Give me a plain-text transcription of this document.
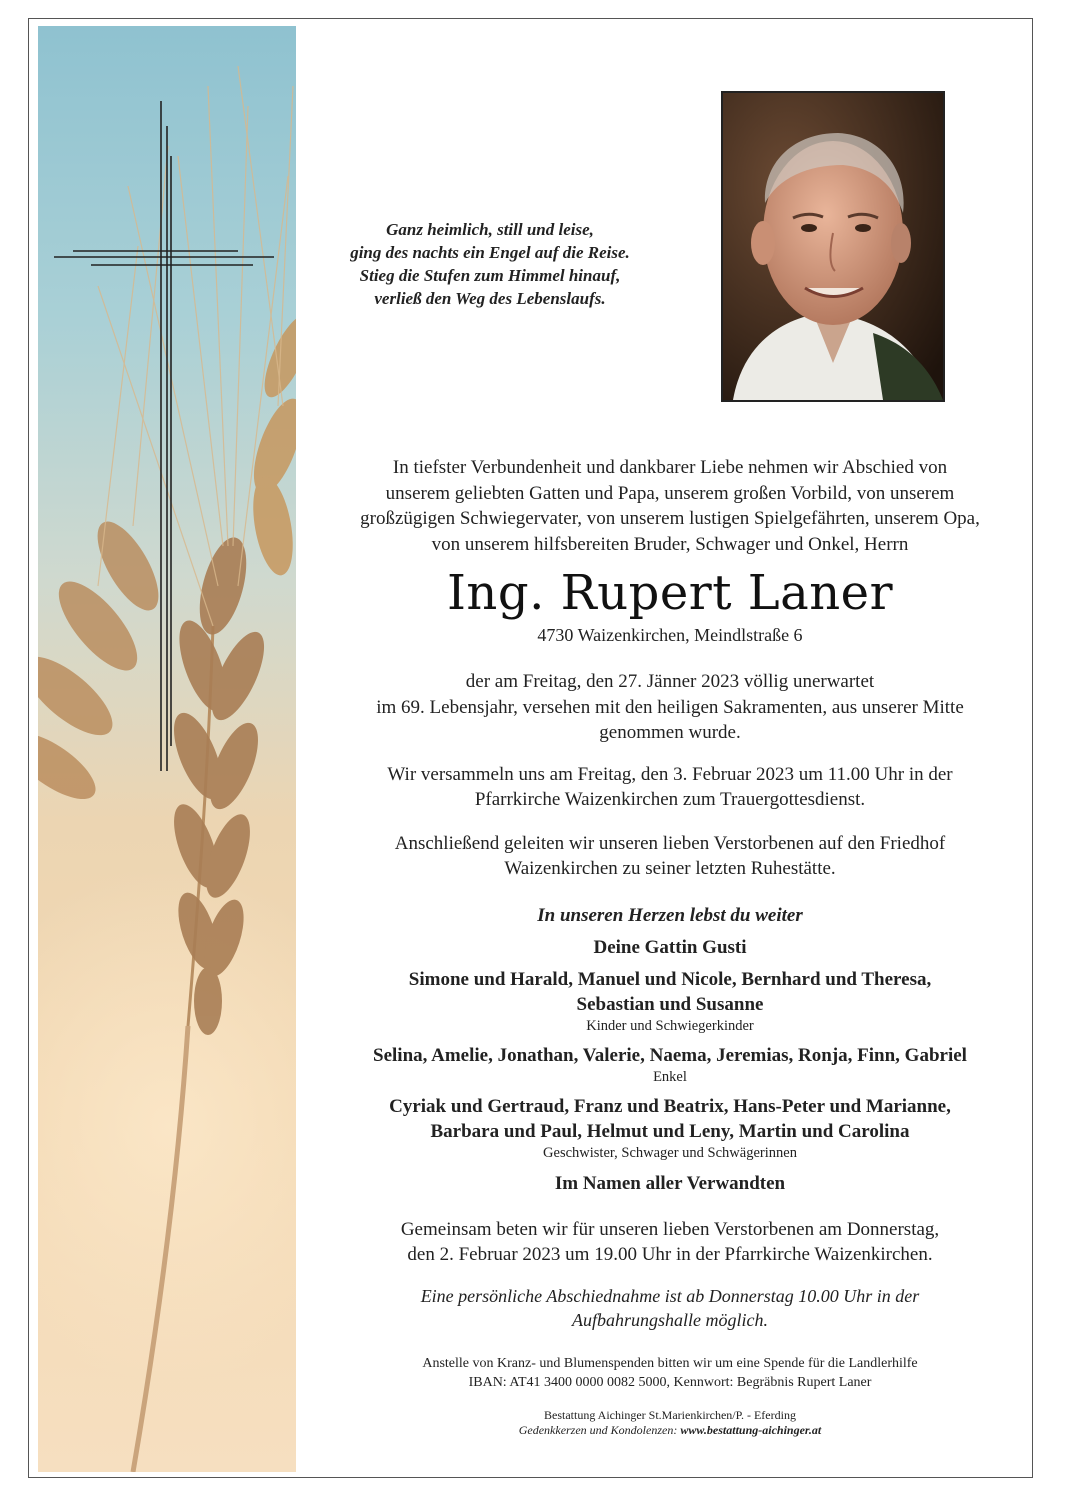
Ganz heimlich, still und leise,
ging des nachts ein Engel auf die Reise.
Stieg die Stufen zum Himmel hinauf,
verließ den Weg des Lebenslaufs.
In tiefster Verbundenheit und dankbarer Liebe nehmen wir Abschied von
unserem geliebten Gatten und Papa, unserem großen Vorbild, von unserem
großzügigen Schwiegervater, von unserem lustigen Spielgefährten, unserem Opa,
von unserem hilfsbereiten Bruder, Schwager und Onkel, Herrn
Ing. Rupert Laner
4730 Waizenkirchen, Meindlstraße 6
der am Freitag, den 27. Jänner 2023 völlig unerwartet
im 69. Lebensjahr, versehen mit den heiligen Sakramenten, aus unserer Mitte
genommen wurde.
Wir versammeln uns am Freitag, den 3. Februar 2023 um 11.00 Uhr in der
Pfarrkirche Waizenkirchen zum Trauergottesdienst.
Anschließend geleiten wir unseren lieben Verstorbenen auf den Friedhof
Waizenkirchen zu seiner letzten Ruhestätte.
In unseren Herzen lebst du weiter
Deine Gattin Gusti
Simone und Harald, Manuel und Nicole, Bernhard und Theresa,
Sebastian und Susanne
Kinder und Schwiegerkinder
Selina, Amelie, Jonathan, Valerie, Naema, Jeremias, Ronja, Finn, Gabriel
Enkel
Cyriak und Gertraud, Franz und Beatrix, Hans-Peter und Marianne,
Barbara und Paul, Helmut und Leny, Martin und Carolina
Geschwister, Schwager und Schwägerinnen
Im Namen aller Verwandten
Gemeinsam beten wir für unseren lieben Verstorbenen am Donnerstag,
den 2. Februar 2023 um 19.00 Uhr in der Pfarrkirche Waizenkirchen.
Eine persönliche Abschiednahme ist ab Donnerstag 10.00 Uhr in der
Aufbahrungshalle möglich.
Anstelle von Kranz- und Blumenspenden bitten wir um eine Spende für die Landlerhilfe
IBAN: AT41 3400 0000 0082 5000, Kennwort: Begräbnis Rupert Laner
Bestattung Aichinger St.Marienkirchen/P. - Eferding
Gedenkkerzen und Kondolenzen: www.bestattung-aichinger.at
